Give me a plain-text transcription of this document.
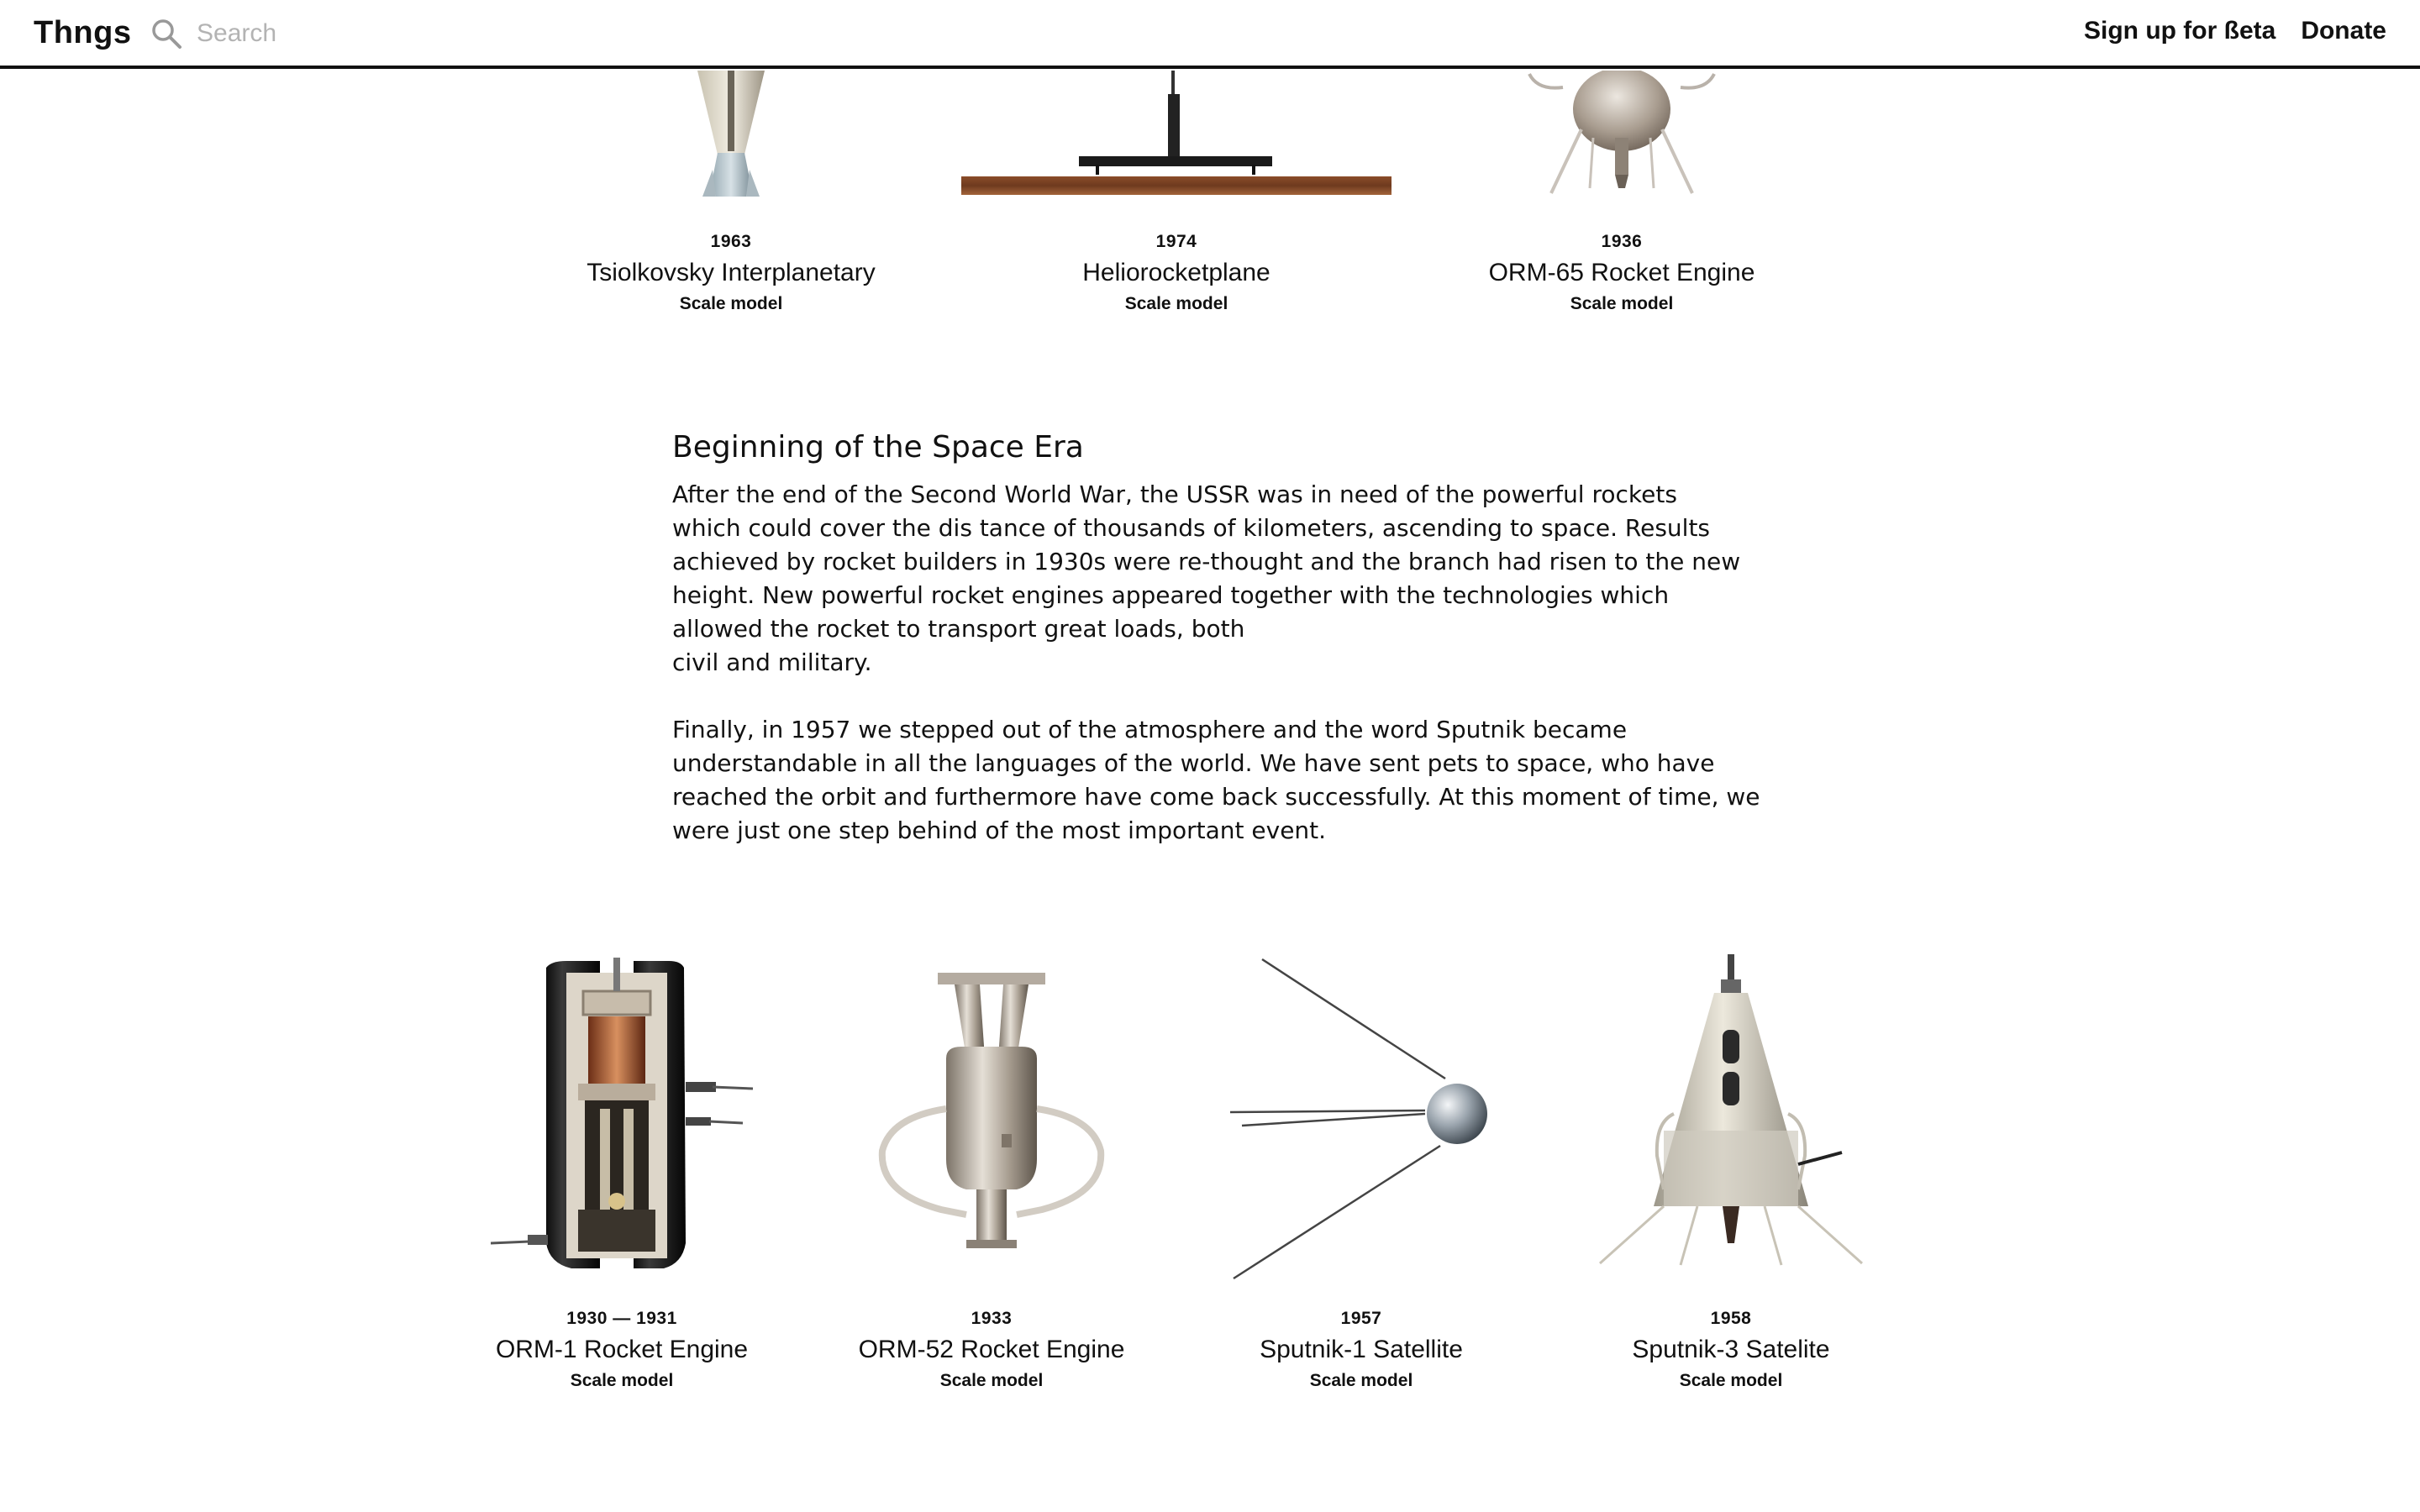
Thngs
Search	Sign up for ßeta Donate
1963
Tsiolkovsky Interplanetary
Scale model
1974
Heliorocketplane
Scale model
1936
ORM-65 Rocket Engine
Scale model
Beginning of the Space Era

After the end of the Second World War, the USSR was in need of the powerful rockets
which could cover the dis tance of thousands of kilometers, ascending to space. Results
achieved by rocket builders in 1930s were re-thought and the branch had risen to the new
height. New powerful rocket engines appeared together with the technologies which
allowed the rocket to transport great loads, both
civil and military.

Finally, in 1957 we stepped out of the atmosphere and the word Sputnik became
understandable in all the languages of the world. We have sent pets to space, who have
reached the orbit and furthermore have come back successfully. At this moment of time, we
were just one step behind of the most important event.

1930 — 1931
ORM-1 Rocket Engine
Scale model
1933
ORM-52 Rocket Engine
Scale model
1957
Sputnik-1 Satellite
Scale model
1958
Sputnik-3 Satelite
Scale model
